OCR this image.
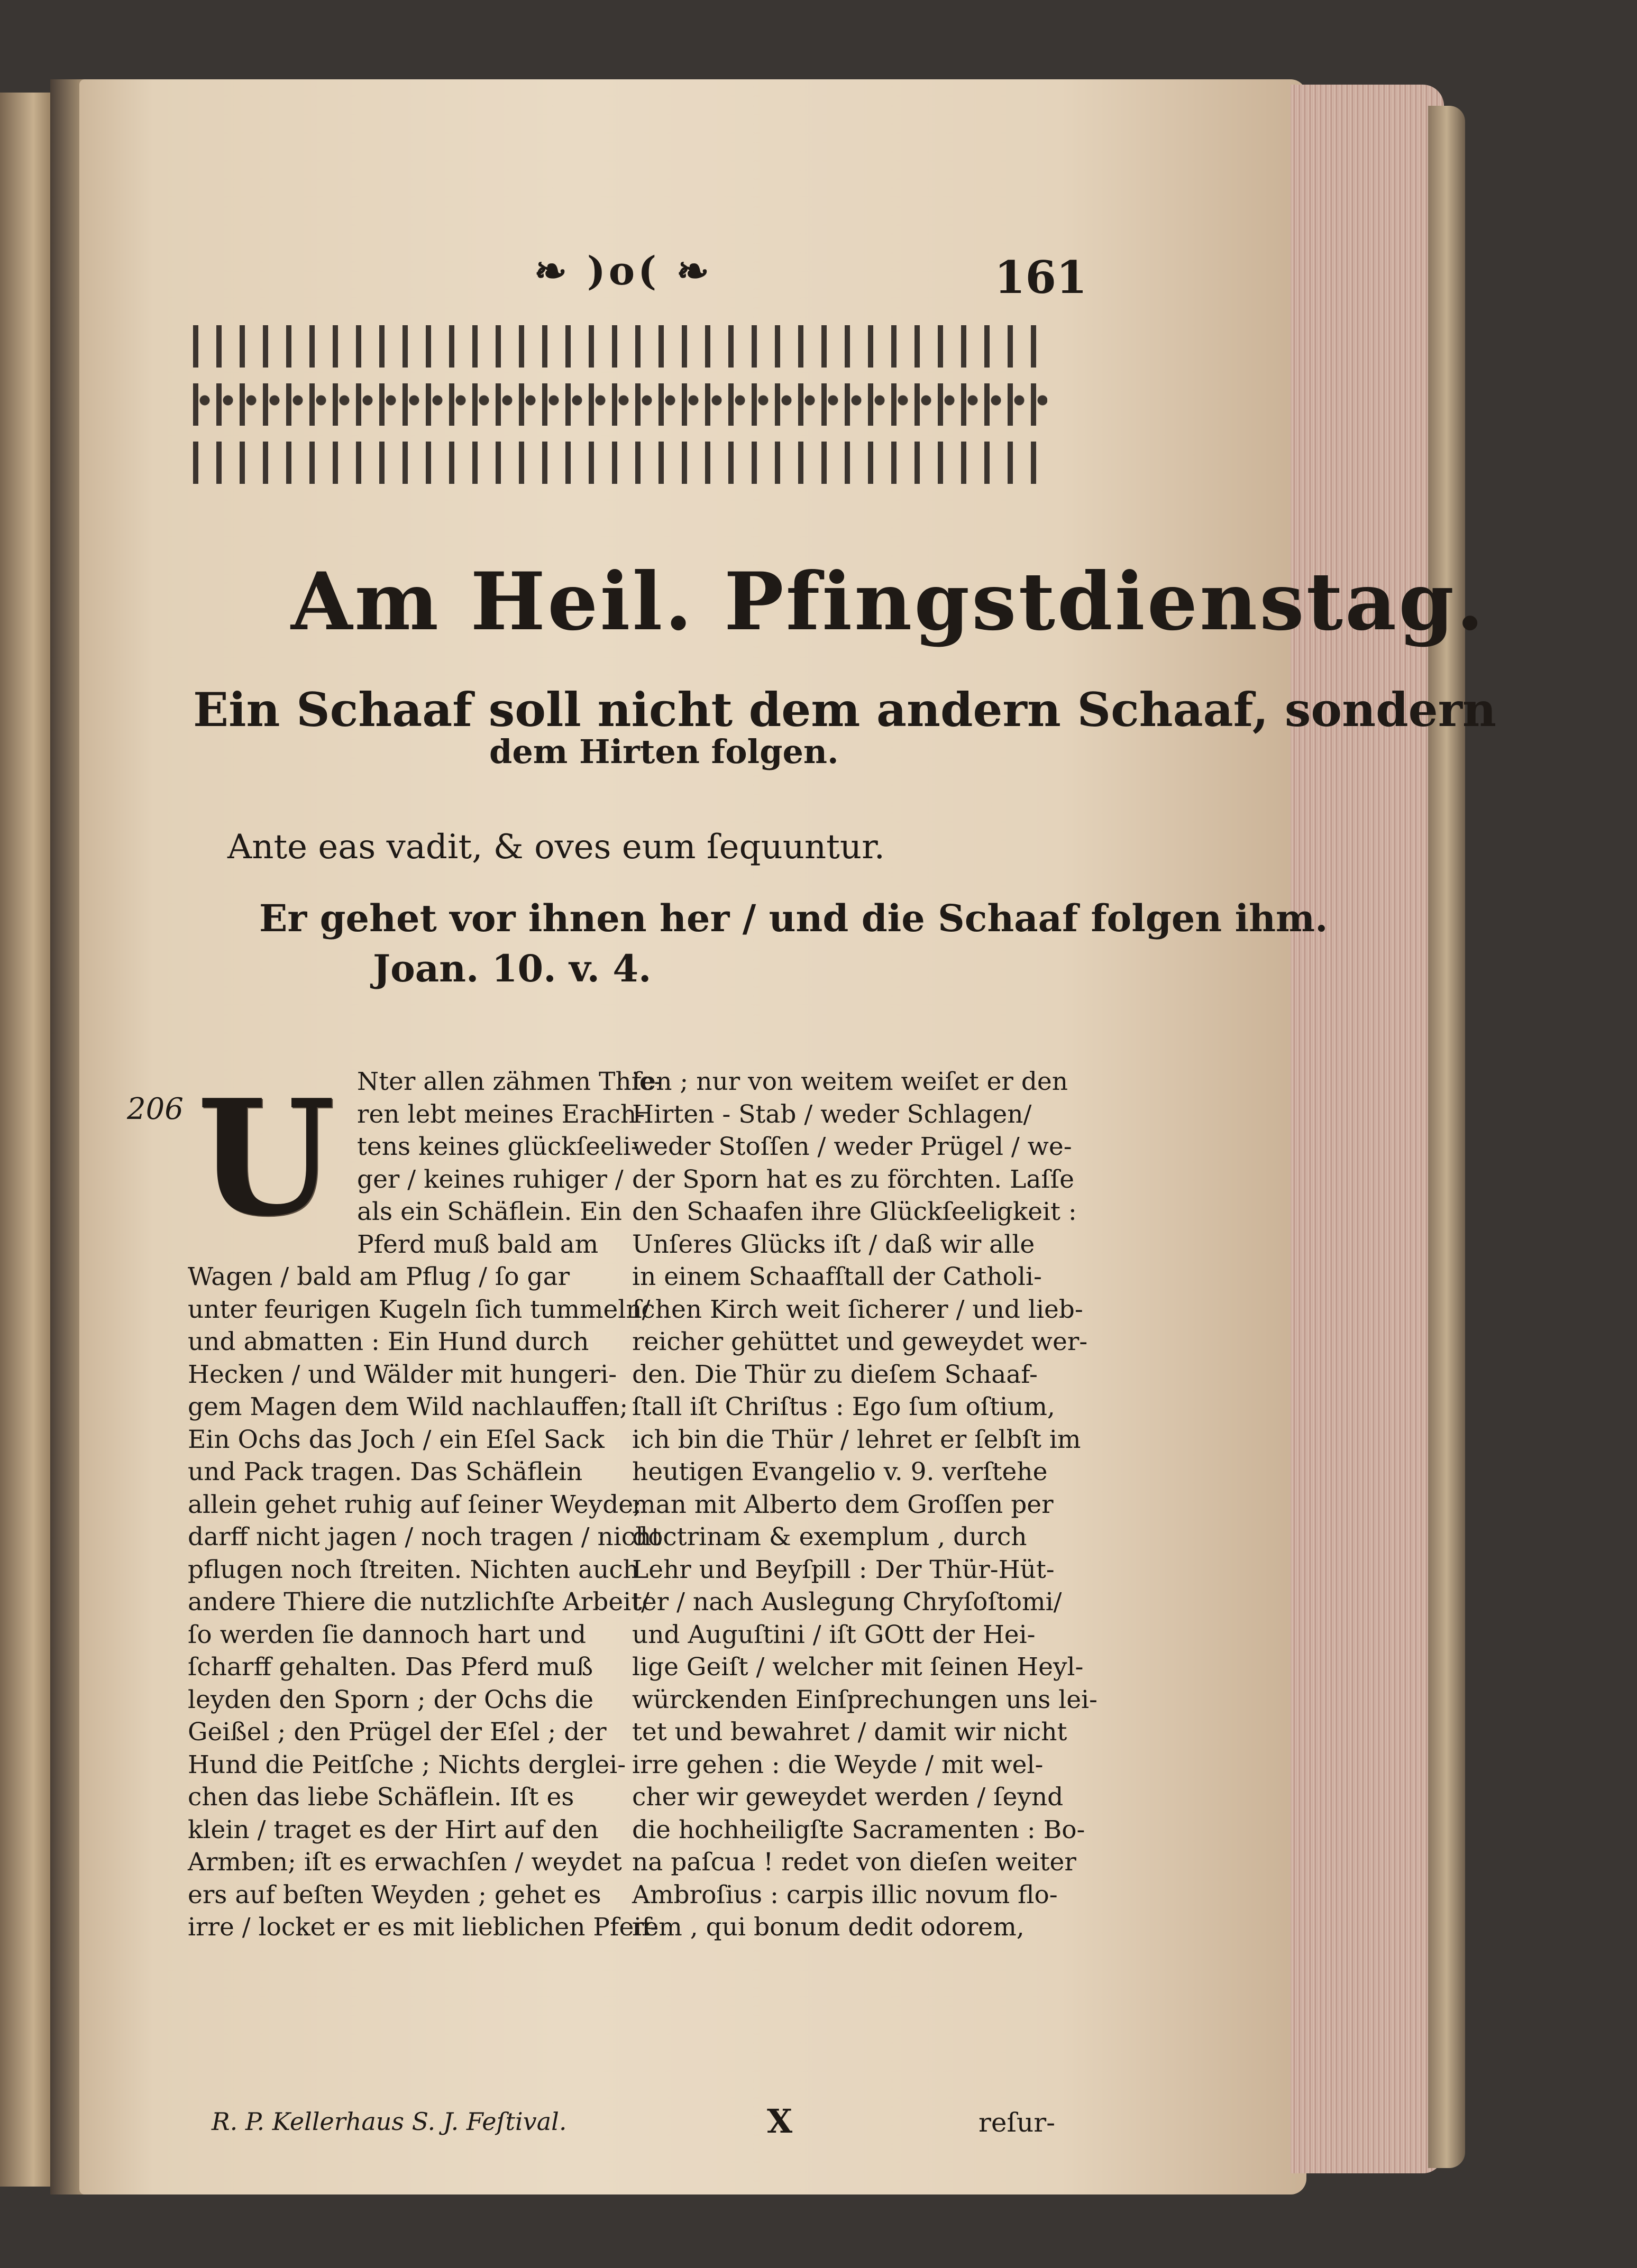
❧ )o( ❧	161
Am Heil. Pfingstdienstag.
Ein Schaaf soll nicht dem andern Schaaf, sondern
dem Hirten folgen.
Ante eas vadit, & oves eum ſequuntur.
Er gehet vor ihnen her / und die Schaaf folgen ihm.
Joan. 10. v. 4.
206 U Nter allen zähmen Thie-
ren lebt meines Erach-
tens keines glückſeeli-
ger / keines ruhiger /
als ein Schäflein. Ein
Pferd muß bald am
Wagen / bald am Pflug / ſo gar
unter feurigen Kugeln ſich tummeln/
und abmatten : Ein Hund durch
Hecken / und Wälder mit hungeri-
gem Magen dem Wild nachlauffen;
Ein Ochs das Joch / ein Eſel Sack
und Pack tragen. Das Schäflein
allein gehet ruhig auf ſeiner Weyde;
darff nicht jagen / noch tragen / nicht
pflugen noch ſtreiten. Nichten auch
andere Thiere die nutzlichſte Arbeit/
ſo werden ſie dannoch hart und
ſcharff gehalten. Das Pferd muß
leyden den Sporn ; der Ochs die
Geißel ; den Prügel der Eſel ; der
Hund die Peitſche ; Nichts derglei-
chen das liebe Schäflein. Iſt es
klein / traget es der Hirt auf den
Armben; iſt es erwachſen / weydet
ers auf beſten Weyden ; gehet es
irre / locket er es mit lieblichen Pfeif-
fen ; nur von weitem weiſet er den
Hirten - Stab / weder Schlagen/
weder Stoſſen / weder Prügel / we-
der Sporn hat es zu förchten. Laſſe
den Schaafen ihre Glückſeeligkeit :
Unſeres Glücks iſt / daß wir alle
in einem Schaafſtall der Catholi-
ſchen Kirch weit ſicherer / und lieb-
reicher gehüttet und geweydet wer-
den. Die Thür zu dieſem Schaaf-
ſtall iſt Chriſtus : Ego ſum oſtium,
ich bin die Thür / lehret er ſelbſt im
heutigen Evangelio v. 9. verſtehe
man mit Alberto dem Groſſen per
doctrinam & exemplum , durch
Lehr und Beyſpill : Der Thür-Hüt-
ter / nach Auslegung Chryſoſtomi/
und Auguſtini / iſt GOtt der Hei-
lige Geiſt / welcher mit ſeinen Heyl-
würckenden Einſprechungen uns lei-
tet und bewahret / damit wir nicht
irre gehen : die Weyde / mit wel-
cher wir geweydet werden / ſeynd
die hochheiligſte Sacramenten : Bo-
na paſcua ! redet von dieſen weiter
Ambroſius : carpis illic novum flo-
rem , qui bonum dedit odorem,
R. P. Kellerhaus S. J. Feſtival.	X	reſur-
